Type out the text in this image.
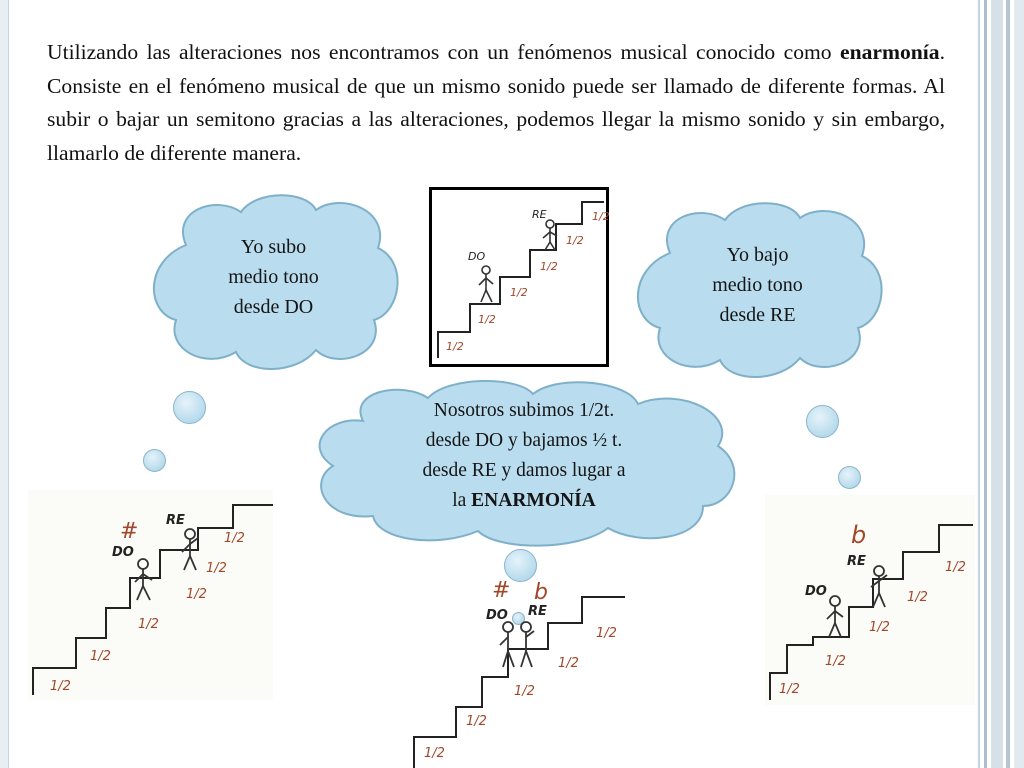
Utilizando las alteraciones nos encontramos con un fenómenos musical conocido como enarmonía. Consiste en el fenómeno musical de que un mismo sonido puede ser llamado de diferente formas. Al subir o bajar un semitono gracias a las alteraciones, podemos llegar la mismo sonido y sin embargo, llamarlo de diferente manera.

Yo subo
medio tono
desde DO
Yo bajo
medio tono
desde RE
Nosotros subimos 1/2t.
desde DO y bajamos ½ t.
desde RE y damos lugar a
la ENARMONÍA
1/2
1/2
1/2
1/2
1/2
1/2
DO
RE
1/2
1/2
1/2
1/2
1/2
1/2
#
DO
RE
1/2
1/2
1/2
1/2
1/2
# b
DO RE
1/2
1/2
1/2
1/2
1/2
b
DO
RE
